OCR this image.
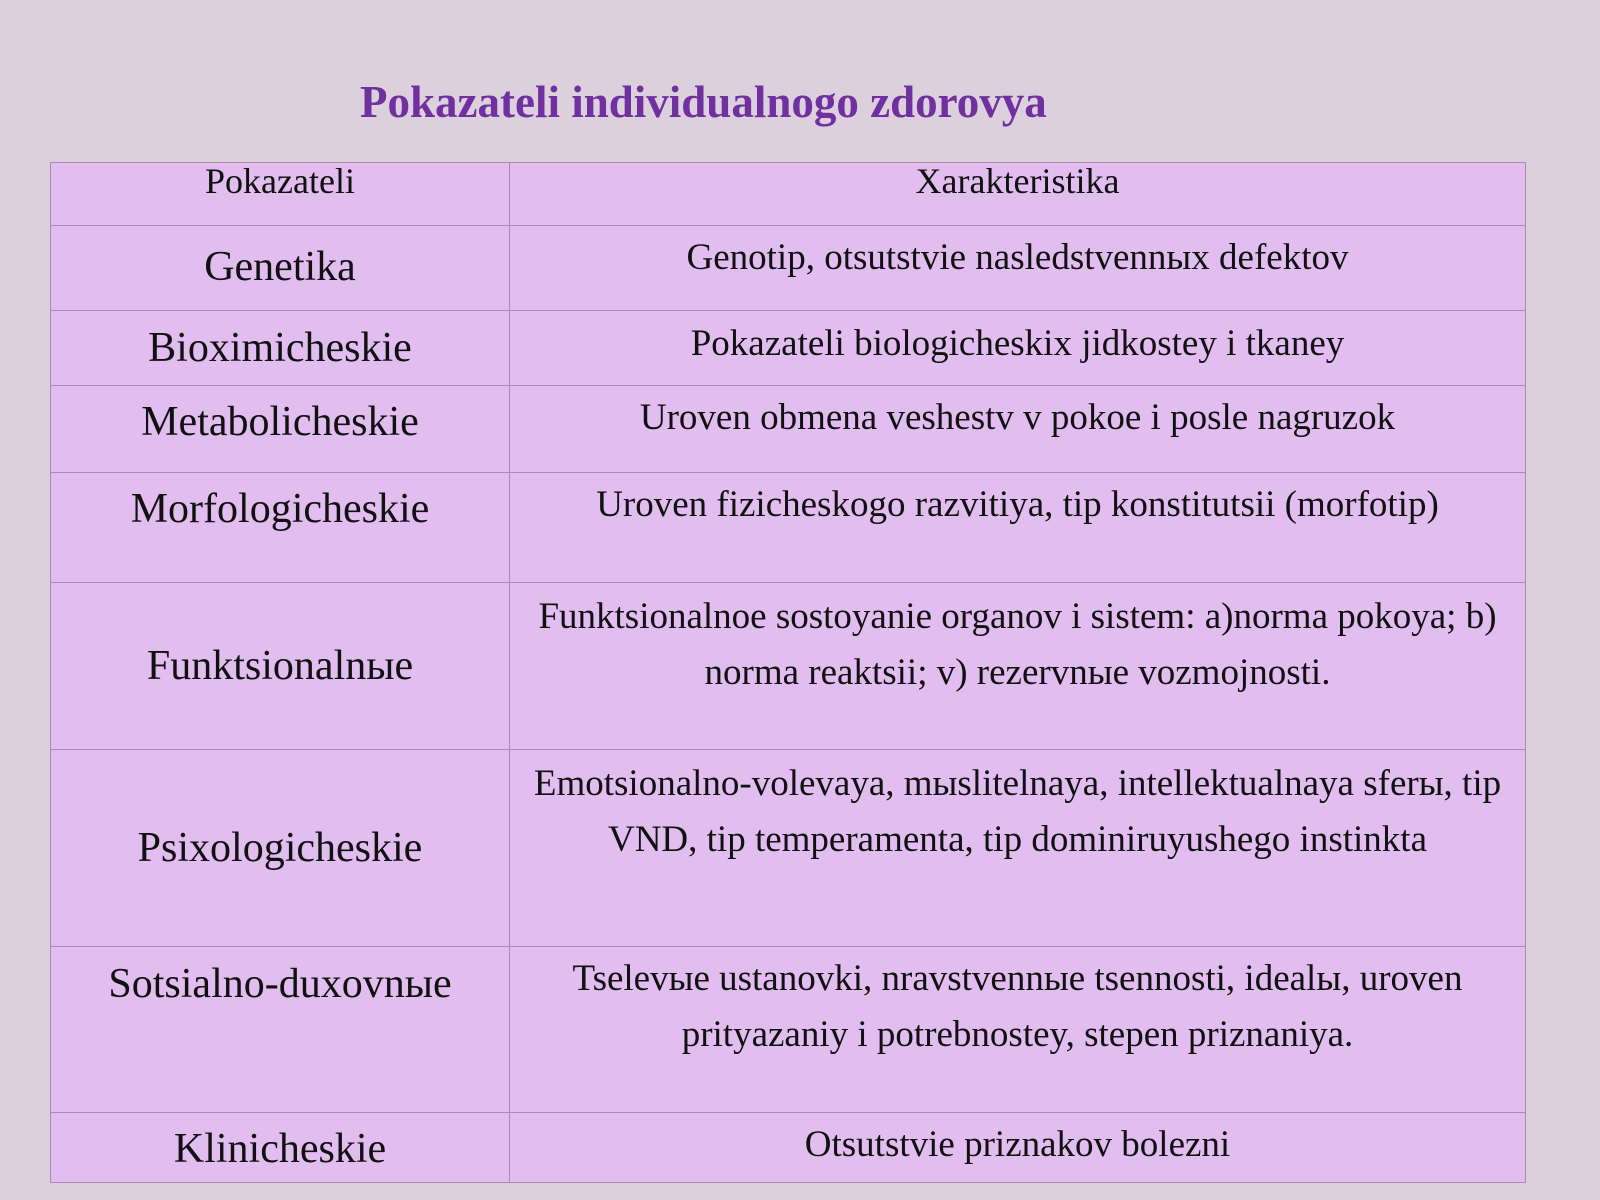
Pokazateli individualnogo zdorovya
Pokazateli	Xarakteristika
Genetika	Genotip, otsutstvie nasledstvennыx defektov
Bioximicheskie	Pokazateli biologicheskix jidkostey i tkaney
Metabolicheskie	Uroven obmena veshestv v pokoe i posle nagruzok
Morfologicheskie	Uroven fizicheskogo razvitiya, tip konstitutsii (morfotip)
Funktsionalnыe	Funktsionalnoe sostoyanie organov i sistem: a)norma pokoya; b) norma reaktsii; v) rezervnыe vozmojnosti.
Psixologicheskie	Emotsionalno-volevaya, mыslitelnaya, intellektualnaya sferы, tip VND, tip temperamenta, tip dominiruyushego instinkta
Sotsialno-duxovnыe	Tselevыe ustanovki, nravstvennыe tsennosti, idealы, uroven prityazaniy i potrebnostey, stepen priznaniya.
Klinicheskie	Otsutstvie priznakov bolezni
